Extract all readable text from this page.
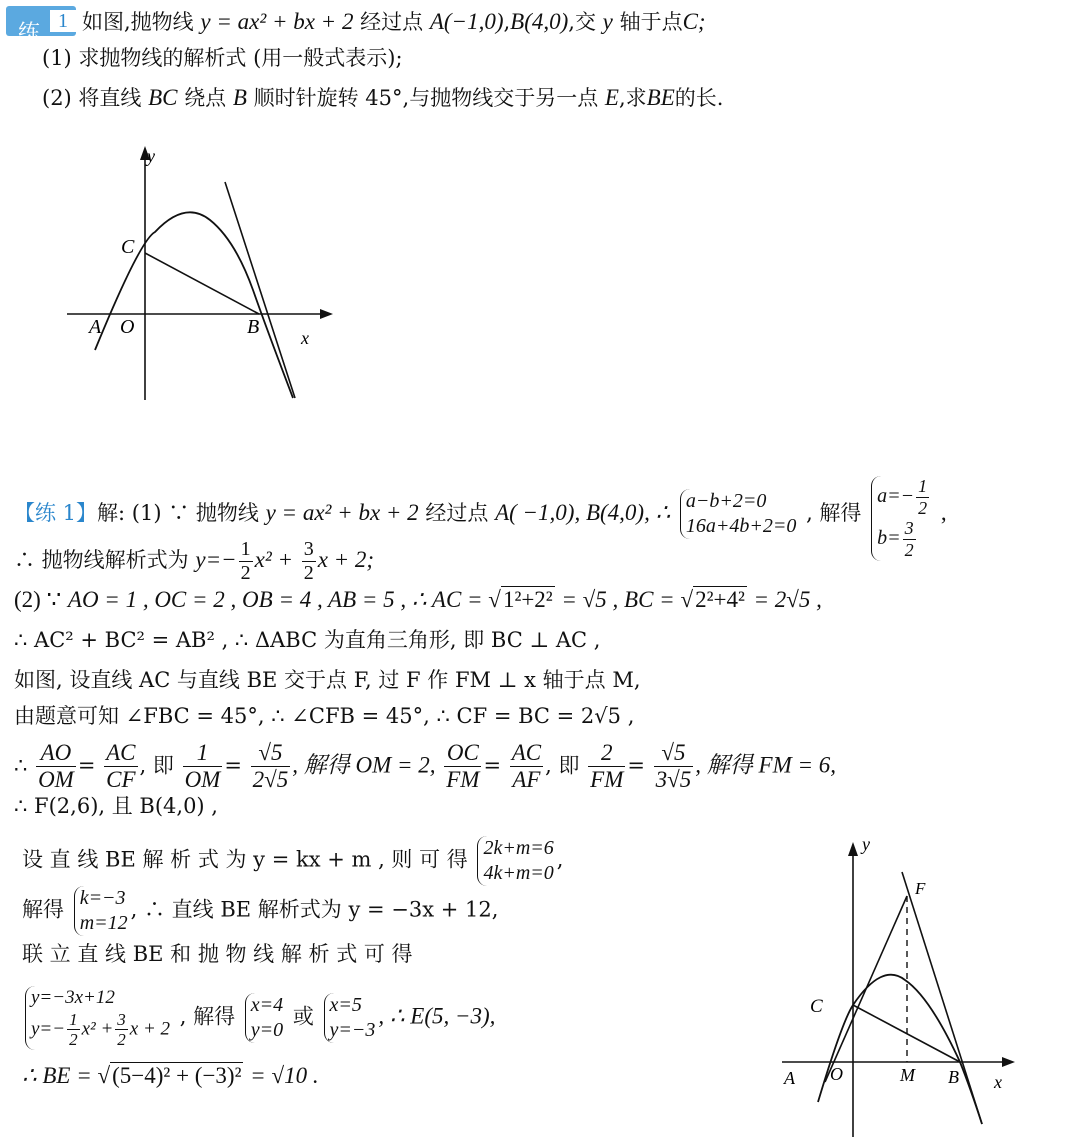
练 1 如图,抛物线 y = ax² + bx + 2 经过点 A(−1,0),B(4,0),交 y 轴于点C;
(1) 求抛物线的解析式 (用一般式表示);
(2) 将直线 BC 绕点 B 顺时针旋转 45°,与抛物线交于另一点 E,求BE的长.
y
x
C
A O	B
【练 1】解: (1) ∵ 抛物线 y = ax² + bx + 2 经过点 A( −1,0), B(4,0), ∴ a−b+2=0
16a+4b+2=0
, 解得
$a=- \frac{1}{2}$
$b= \frac{3}{2}$
,
∴ 抛物线解析式为 $y=- \frac{1}{2} x^2 + \frac{3}{2}$ x + 2;
(2) ∵ AO = 1 , OC = 2 , OB = 4 , AB = 5 , ∴ AC = √1²+2² = √5 , BC = √2²+4² = 2√5 ,
∴ AC² + BC² = AB² , ∴ ΔABC 为直角三角形, 即 BC ⊥ AC ,
如图, 设直线 AC 与直线 BE 交于点 F, 过 F 作 FM ⊥ x 轴于点 M,
由题意可知 ∠FBC = 45°, ∴ ∠CFB = 45°, ∴ CF = BC = 2√5 ,
∴ $\frac{AO}{OM} = \frac{AC}{CF}$ , 即 $\frac{1}{OM} = \frac{√5}{2√5}$ , 解得 OM = 2, $\frac{OC}{FM} = \frac{AC}{AF}$ , 即 $\frac{2}{FM} = \frac{√5}{3√5}$ , 解得 FM = 6,
∴ F(2,6), 且 B(4,0) ,
设 直 线 BE 解 析 式 为 y = kx + m , 则 可 得 2k+m=6
4k+m=0
,
解得 k=−3
m=12
, ∴ 直线 BE 解析式为 y = −3x + 12,
联 立 直 线 BE 和 抛 物 线 解 析 式 可 得
y=−3x+12
$y=- \frac{1}{2} x^2 + \frac{3}{2}$ x + 2
, 解得 x=4
y=0
或 x=5
y=−3
, ∴ E(5, −3),
∴ BE = √(5−4)² + (−3)² = √10 .
y
x
F
C
A O	M B
